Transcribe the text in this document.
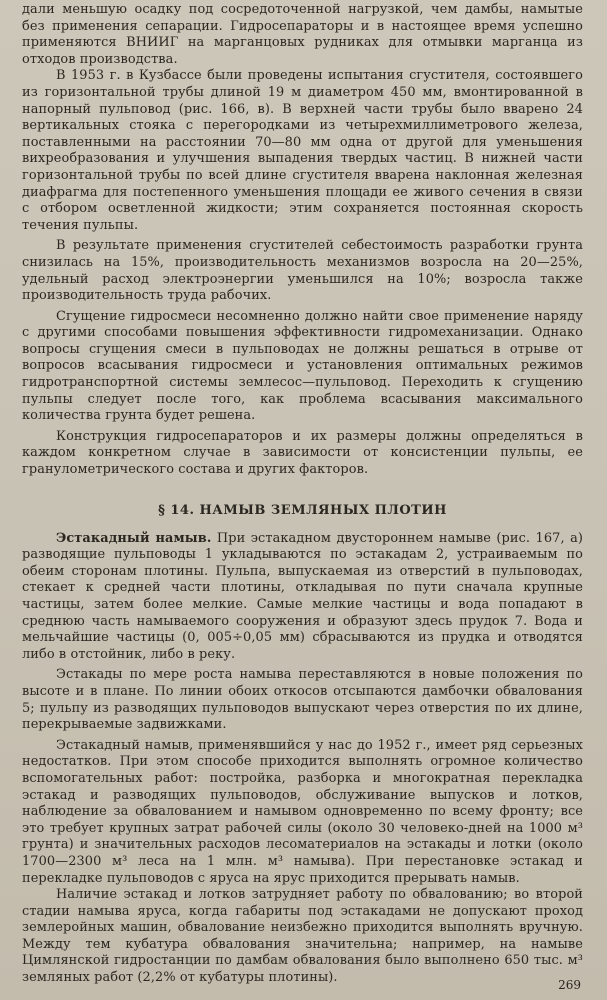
дали меньшую осадку под сосредоточенной нагрузкой, чем дамбы, намытые без применения сепарации. Гидросепараторы и в настоящее время успешно применяются ВНИИГ на марганцовых рудниках для отмывки марганца из отходов производства.

В 1953 г. в Кузбассе были проведены испытания сгустителя, состоявшего из горизонтальной трубы длиной 19 м диаметром 450 мм, вмонтированной в напорный пульповод (рис. 166, в). В верхней части трубы было вварено 24 вертикальных стояка с перегородками из четырехмиллиметрового железа, поставленными на расстоянии 70—80 мм одна от другой для уменьшения вихреобразования и улучшения выпадения твердых частиц. В нижней части горизонтальной трубы по всей длине сгустителя вварена наклонная железная диафрагма для постепенного уменьшения площади ее живого сечения в связи с отбором осветленной жидкости; этим сохраняется постоянная скорость течения пульпы.

В результате применения сгустителей себестоимость разработки грунта снизилась на 15%, производительность механизмов возросла на 20—25%, удельный расход электроэнергии уменьшился на 10%; возросла также производительность труда рабочих.

Сгущение гидросмеси несомненно должно найти свое применение наряду с другими способами повышения эффективности гидромеханизации. Однако вопросы сгущения смеси в пульповодах не должны решаться в отрыве от вопросов всасывания гидросмеси и установления оптимальных режимов гидротранспортной системы землесос—пульповод. Переходить к сгущению пульпы следует после того, как проблема всасывания максимального количества грунта будет решена.

Конструкция гидросепараторов и их размеры должны определяться в каждом конкретном случае в зависимости от консистенции пульпы, ее гранулометрического состава и других факторов.

§ 14. НАМЫВ ЗЕМЛЯНЫХ ПЛОТИН

Эстакадный намыв. При эстакадном двустороннем намыве (рис. 167, а) разводящие пульповоды 1 укладываются по эстакадам 2, устраиваемым по обеим сторонам плотины. Пульпа, выпускаемая из отверстий в пульповодах, стекает к средней части плотины, откладывая по пути сначала крупные частицы, затем более мелкие. Самые мелкие частицы и вода попадают в среднюю часть намываемого сооружения и образуют здесь прудок 7. Вода и мельчайшие частицы (0, 005÷0,05 мм) сбрасываются из прудка и отводятся либо в отстойник, либо в реку.

Эстакады по мере роста намыва переставляются в новые положения по высоте и в плане. По линии обоих откосов отсыпаются дамбочки обвалования 5; пульпу из разводящих пульповодов выпускают через отверстия по их длине, перекрываемые задвижками.

Эстакадный намыв, применявшийся у нас до 1952 г., имеет ряд серьезных недостатков. При этом способе приходится выполнять огромное количество вспомогательных работ: постройка, разборка и многократная перекладка эстакад и разводящих пульповодов, обслуживание выпусков и лотков, наблюдение за обвалованием и намывом одновременно по всему фронту; все это требует крупных затрат рабочей силы (около 30 человеко-дней на 1000 м³ грунта) и значительных расходов лесоматериалов на эстакады и лотки (около 1700—2300 м³ леса на 1 млн. м³ намыва). При перестановке эстакад и перекладке пульповодов с яруса на ярус приходится прерывать намыв.

Наличие эстакад и лотков затрудняет работу по обвалованию; во второй стадии намыва яруса, когда габариты под эстакадами не допускают проход землеройных машин, обвалование неизбежно приходится выполнять вручную. Между тем кубатура обвалования значительна; например, на намыве Цимлянской гидростанции по дамбам обвалования было выполнено 650 тыс. м³ земляных работ (2,2% от кубатуры плотины).	269
